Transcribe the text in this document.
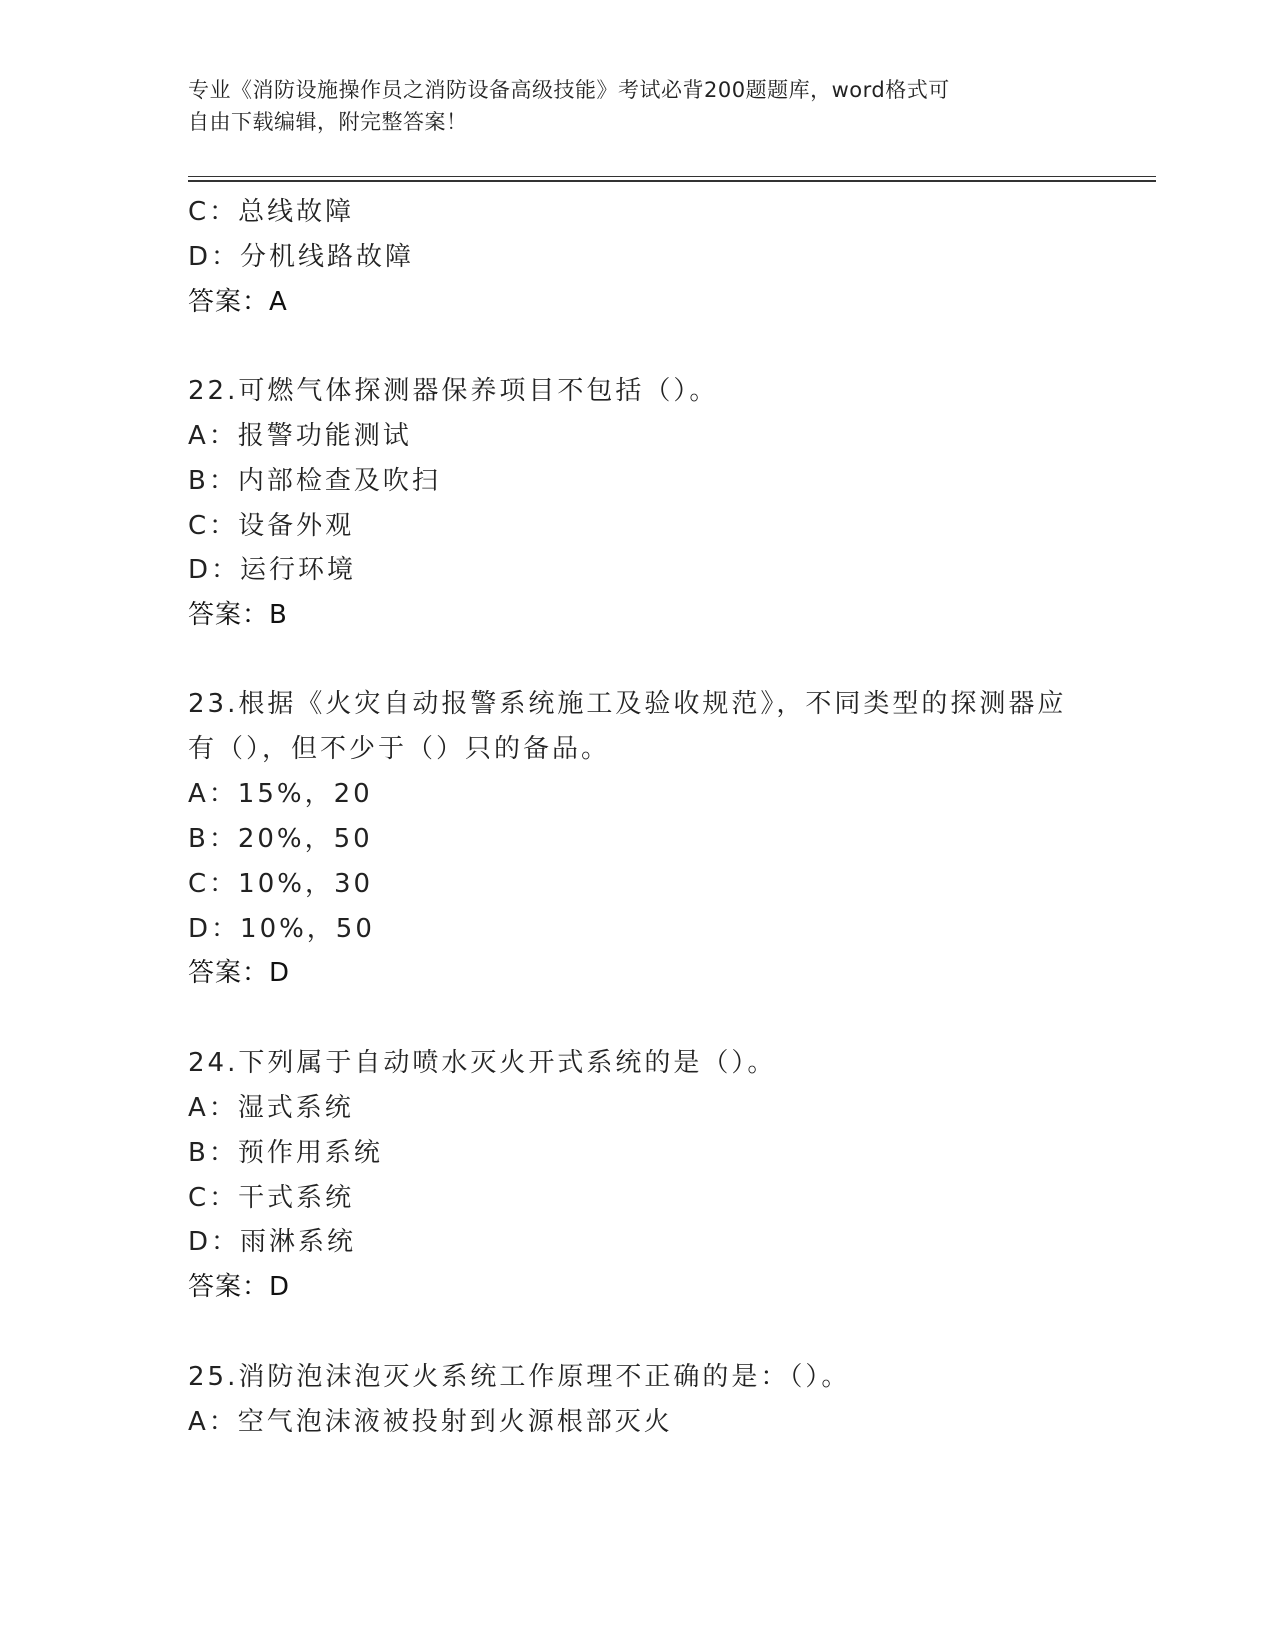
专业《消防设施操作员之消防设备高级技能》考试必背200题题库，word格式可
自由下载编辑，附完整答案！
C：总线故障
D：分机线路故障
答案：A
22.可燃气体探测器保养项目不包括（）。
A：报警功能测试
B：内部检查及吹扫
C：设备外观
D：运行环境
答案：B
23.根据《火灾自动报警系统施工及验收规范》，不同类型的探测器应
有（），但不少于（）只的备品。
A：15%，20
B：20%，50
C：10%，30
D：10%，50
答案：D
24.下列属于自动喷水灭火开式系统的是（）。
A：湿式系统
B：预作用系统
C：干式系统
D：雨淋系统
答案：D
25.消防泡沫泡灭火系统工作原理不正确的是：（）。
A：空气泡沫液被投射到火源根部灭火
